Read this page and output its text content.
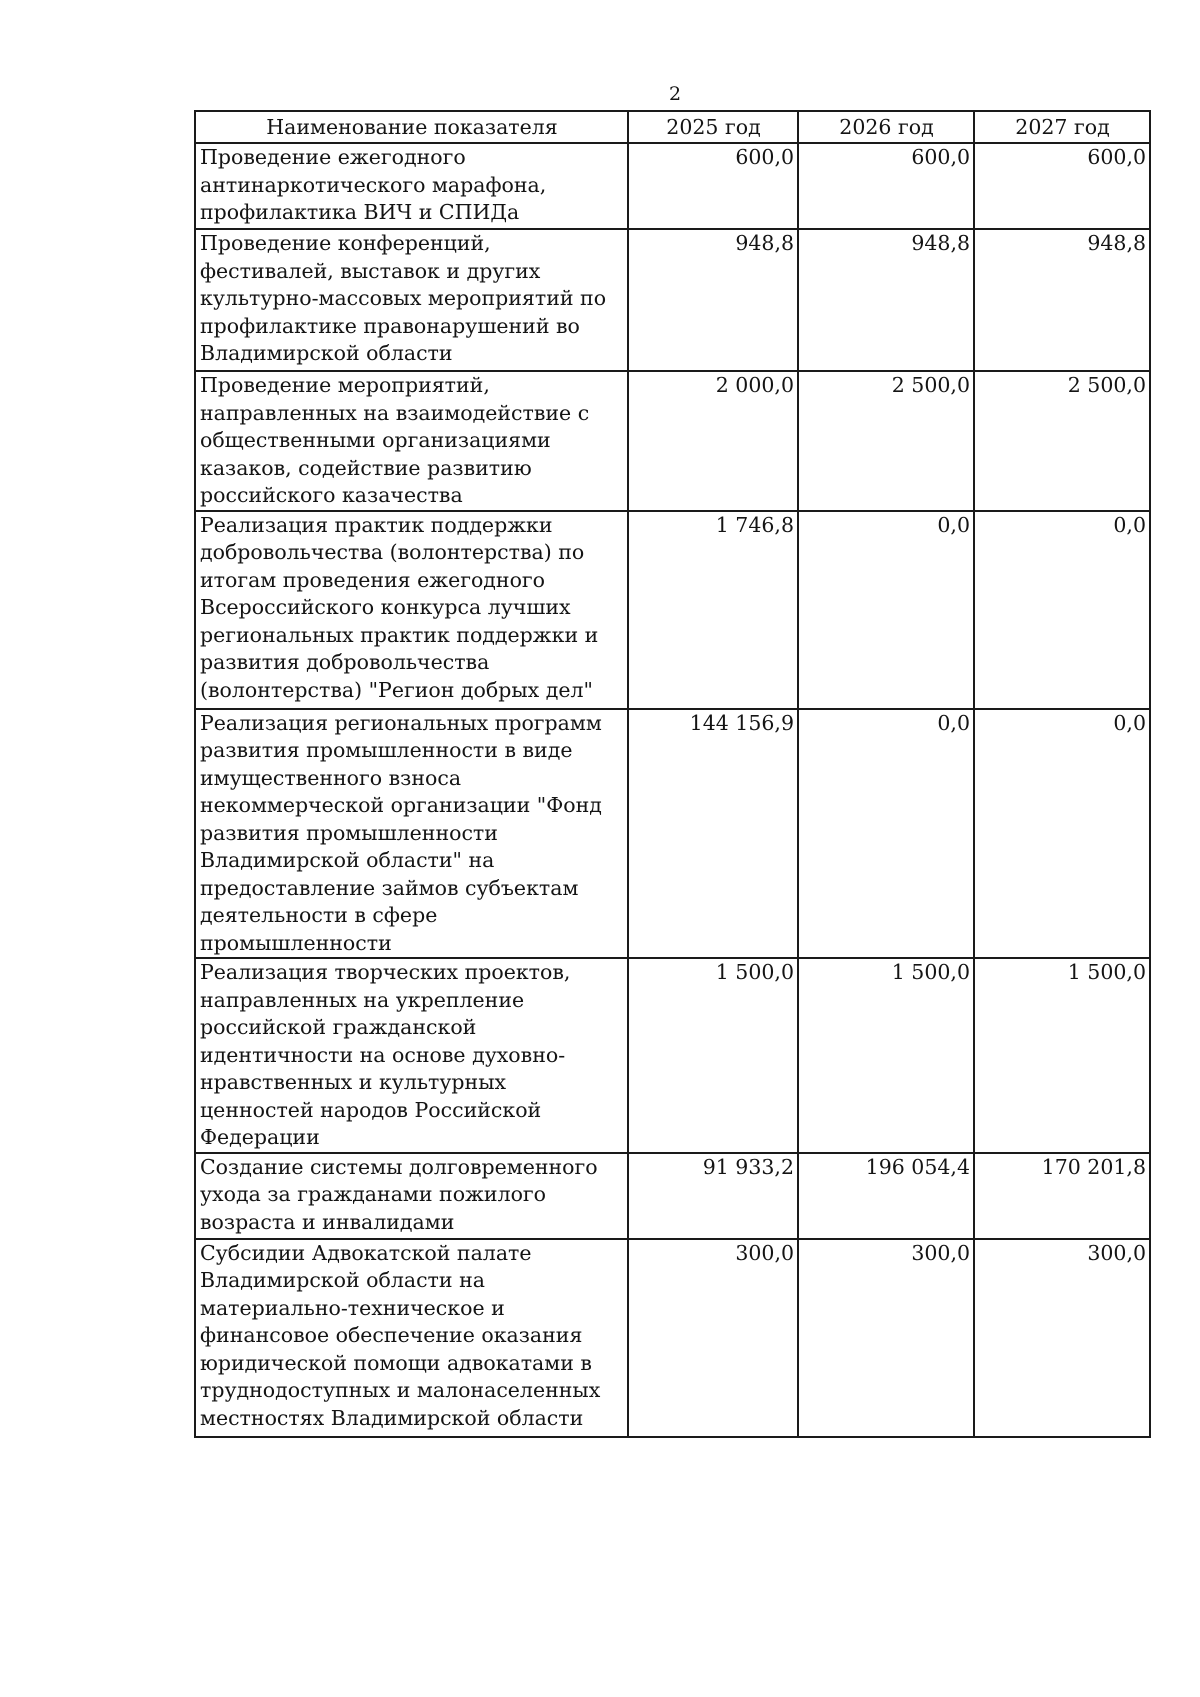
2
Наименование показателя	2025 год	2026 год	2027 год
Проведение ежегодного антинаркотического марафона, профилактика ВИЧ и СПИДа	600,0	600,0	600,0
Проведение конференций, фестивалей, выставок и других культурно-массовых мероприятий по профилактике правонарушений во Владимирской области	948,8	948,8	948,8
Проведение мероприятий, направленных на взаимодействие с общественными организациями казаков, содействие развитию российского казачества	2 000,0	2 500,0	2 500,0
Реализация практик поддержки добровольчества (волонтерства) по итогам проведения ежегодного Всероссийского конкурса лучших региональных практик поддержки и развития добровольчества (волонтерства) "Регион добрых дел"	1 746,8	0,0	0,0
Реализация региональных программ развития промышленности в виде имущественного взноса некоммерческой организации "Фонд развития промышленности Владимирской области" на предоставление займов субъектам деятельности в сфере промышленности	144 156,9	0,0	0,0
Реализация творческих проектов, направленных на укрепление российской гражданской идентичности на основе духовно-нравственных и культурных ценностей народов Российской Федерации	1 500,0	1 500,0	1 500,0
Создание системы долговременного ухода за гражданами пожилого возраста и инвалидами	91 933,2	196 054,4	170 201,8
Субсидии Адвокатской палате Владимирской области на материально-техническое и финансовое обеспечение оказания юридической помощи адвокатами в труднодоступных и малонаселенных местностях Владимирской области	300,0	300,0	300,0
